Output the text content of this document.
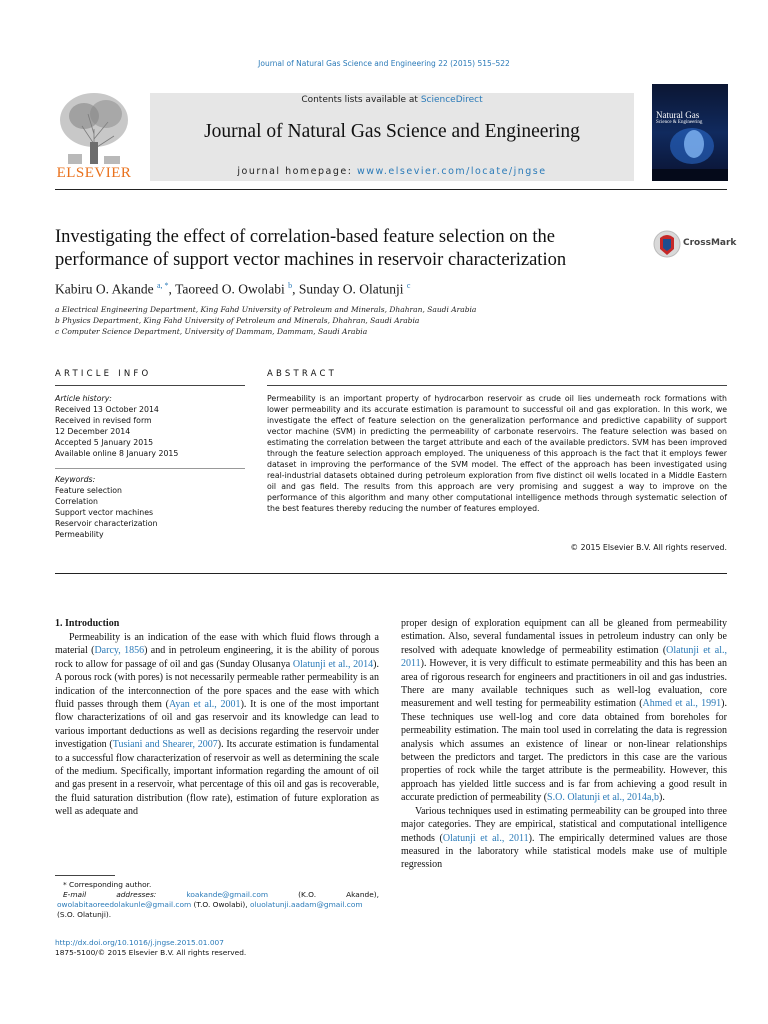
Journal of Natural Gas Science and Engineering 22 (2015) 515–522
ELSEVIER
Contents lists available at ScienceDirect
Journal of Natural Gas Science and Engineering
journal homepage: www.elsevier.com/locate/jngse
Natural Gas
Science & Engineering
Investigating the effect of correlation-based feature selection on the
performance of support vector machines in reservoir characterization
CrossMark
Kabiru O. Akande $^{a, *}$, Taoreed O. Owolabi $^b$, Sunday O. Olatunji $^c$
a Electrical Engineering Department, King Fahd University of Petroleum and Minerals, Dhahran, Saudi Arabia
b Physics Department, King Fahd University of Petroleum and Minerals, Dhahran, Saudi Arabia
c Computer Science Department, University of Dammam, Dammam, Saudi Arabia
ARTICLE INFO
Article history:
Received 13 October 2014
Received in revised form
12 December 2014
Accepted 5 January 2015
Available online 8 January 2015
Keywords:
Feature selection
Correlation
Support vector machines
Reservoir characterization
Permeability
ABSTRACT
Permeability is an important property of hydrocarbon reservoir as crude oil lies underneath rock formations with lower permeability and its accurate estimation is paramount to successful oil and gas exploration. In this work, we investigate the effect of feature selection on the generalization performance and predictive capability of support vector machine (SVM) in predicting the permeability of carbonate reservoirs. The feature selection was based on estimating the correlation between the target attribute and each of the available predictors. SVM has been improved through the feature selection approach employed. The uniqueness of this approach is the fact that it employs fewer dataset in improving the performance of the SVM model. The effect of the approach has been investigated using real-industrial datasets obtained during petroleum exploration from five distinct oil wells located in a Middle Eastern oil and gas field. The results from this approach are very promising and suggest a way to improve on the performance of this algorithm and many other computational intelligence methods through systematic selection of the best features thereby reducing the number of features employed.
© 2015 Elsevier B.V. All rights reserved.
1. Introduction

Permeability is an indication of the ease with which fluid flows through a material (Darcy, 1856) and in petroleum engineering, it is the ability of porous rock to allow for passage of oil and gas (Sunday Olusanya Olatunji et al., 2014). A porous rock (with pores) is not necessarily permeable rather permeability is an indication of the interconnection of the pore spaces and the ease with which fluid passes through them (Ayan et al., 2001). It is one of the most important flow characterizations of oil and gas reservoir and its knowledge can lead to various important deductions as well as decisions regarding the reservoir under investigation (Tusiani and Shearer, 2007). Its accurate estimation is fundamental to a successful flow characterization of reservoir as well as determining the scale of the medium. Specifically, important information regarding the amount of oil and gas present in a reservoir, what percentage of this oil and gas is recoverable, the fluid saturation distribution (flow rate), estimation of future exploration as well as adequate and

proper design of exploration equipment can all be gleaned from permeability estimation. Also, several fundamental issues in petroleum industry can only be resolved with adequate knowledge of permeability estimation (Olatunji et al., 2011). However, it is very difficult to estimate permeability and this has been an area of rigorous research for engineers and practitioners in oil and gas industries. There are many available techniques such as well-log evaluation, core measurement and well testing for permeability estimation (Ahmed et al., 1991). These techniques use well-log and core data obtained from boreholes for permeability estimation. The main tool used in correlating the data is regression analysis which assumes an existence of linear or non-linear relationships between the predictors and target. The predictors in this case are the various properties of rock while the target attribute is the permeability. However, this approach has yielded little success and is far from achieving a good result in accurate prediction of permeability (S.O. Olatunji et al., 2014a,b).

Various techniques used in estimating permeability can be grouped into three major categories. They are empirical, statistical and computational intelligence methods (Olatunji et al., 2011). The empirically determined values are those measured in the laboratory while statistical models make use of multiple regression

* Corresponding author.
E-mail addresses: koakande@gmail.com (K.O. Akande), owolabitaoreedolakunle@gmail.com (T.O. Owolabi), oluolatunji.aadam@gmail.com
(S.O. Olatunji).
http://dx.doi.org/10.1016/j.jngse.2015.01.007
1875-5100/© 2015 Elsevier B.V. All rights reserved.
